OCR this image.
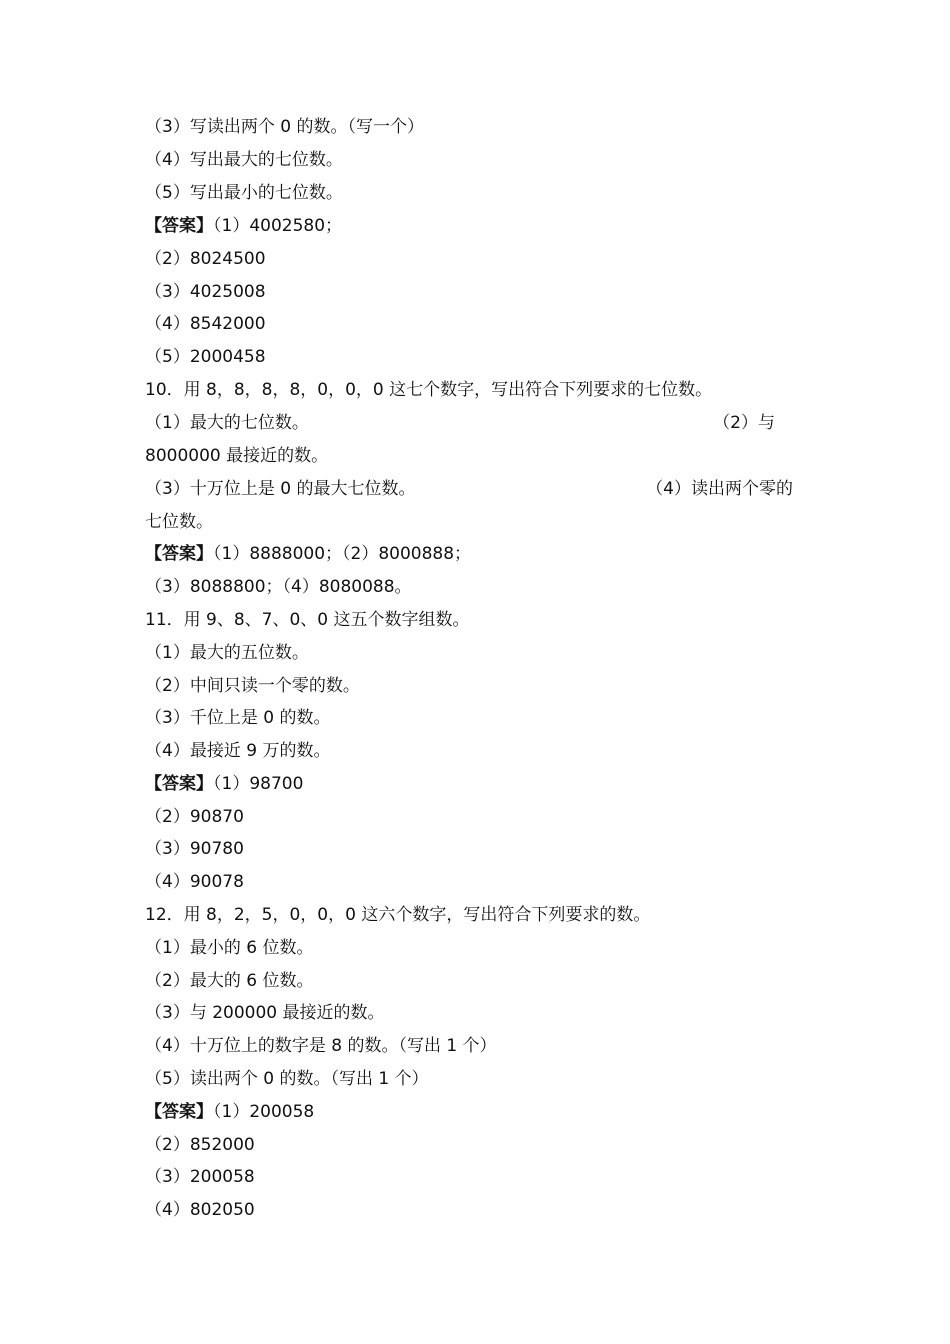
（3）写读出两个 0 的数。（写一个）
（4）写出最大的七位数。
（5）写出最小的七位数。
【答案】（1）4002580；
（2）8024500
（3）4025008
（4）8542000
（5）2000458
10．用 8，8，8，8，0，0，0 这七个数字，写出符合下列要求的七位数。
（1）最大的七位数。	（2）与
8000000 最接近的数。
（3）十万位上是 0 的最大七位数。	（4）读出两个零的
七位数。
【答案】（1）8888000；（2）8000888；
（3）8088800；（4）8080088。
11．用 9、8、7、0、0 这五个数字组数。
（1）最大的五位数。
（2）中间只读一个零的数。
（3）千位上是 0 的数。
（4）最接近 9 万的数。
【答案】（1）98700
（2）90870
（3）90780
（4）90078
12．用 8，2，5，0，0，0 这六个数字，写出符合下列要求的数。
（1）最小的 6 位数。
（2）最大的 6 位数。
（3）与 200000 最接近的数。
（4）十万位上的数字是 8 的数。（写出 1 个）
（5）读出两个 0 的数。（写出 1 个）
【答案】（1）200058
（2）852000
（3）200058
（4）802050
